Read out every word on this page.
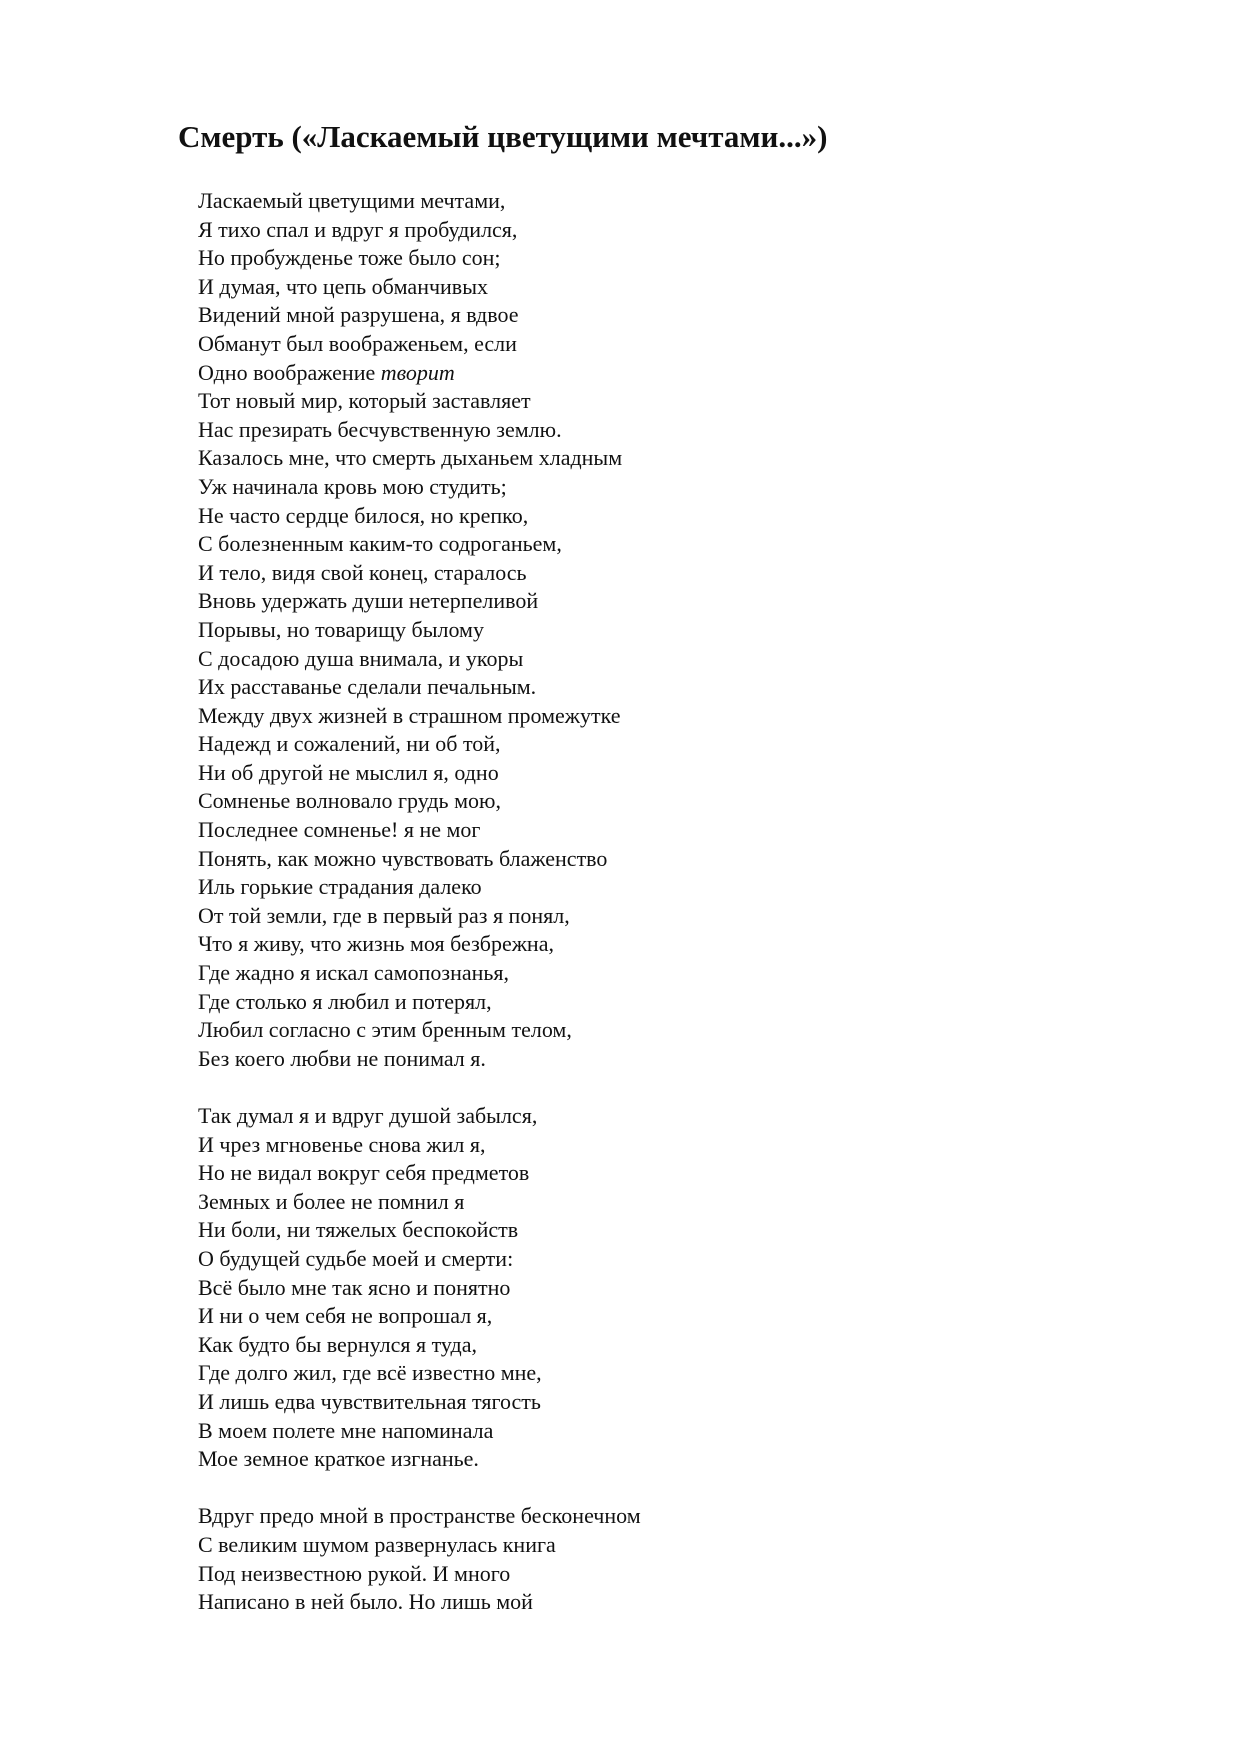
Смерть («Ласкаемый цветущими мечтами...»)
Ласкаемый цветущими мечтами,
Я тихо спал и вдруг я пробудился,
Но пробужденье тоже было сон;
И думая, что цепь обманчивых
Видений мной разрушена, я вдвое
Обманут был воображеньем, если
Одно воображение творит
Тот новый мир, который заставляет
Нас презирать бесчувственную землю.
Казалось мне, что смерть дыханьем хладным
Уж начинала кровь мою студить;
Не часто сердце билося, но крепко,
С болезненным каким-то содроганьем,
И тело, видя свой конец, старалось
Вновь удержать души нетерпеливой
Порывы, но товарищу былому
С досадою душа внимала, и укоры
Их расставанье сделали печальным.
Между двух жизней в страшном промежутке
Надежд и сожалений, ни об той,
Ни об другой не мыслил я, одно
Сомненье волновало грудь мою,
Последнее сомненье! я не мог
Понять, как можно чувствовать блаженство
Иль горькие страдания далеко
От той земли, где в первый раз я понял,
Что я живу, что жизнь моя безбрежна,
Где жадно я искал самопознанья,
Где столько я любил и потерял,
Любил согласно с этим бренным телом,
Без коего любви не понимал я.
Так думал я и вдруг душой забылся,
И чрез мгновенье снова жил я,
Но не видал вокруг себя предметов
Земных и более не помнил я
Ни боли, ни тяжелых беспокойств
О будущей судьбе моей и смерти:
Всё было мне так ясно и понятно
И ни о чем себя не вопрошал я,
Как будто бы вернулся я туда,
Где долго жил, где всё известно мне,
И лишь едва чувствительная тягость
В моем полете мне напоминала
Мое земное краткое изгнанье.
Вдруг предо мной в пространстве бесконечном
С великим шумом развернулась книга
Под неизвестною рукой. И много
Написано в ней было. Но лишь мой
